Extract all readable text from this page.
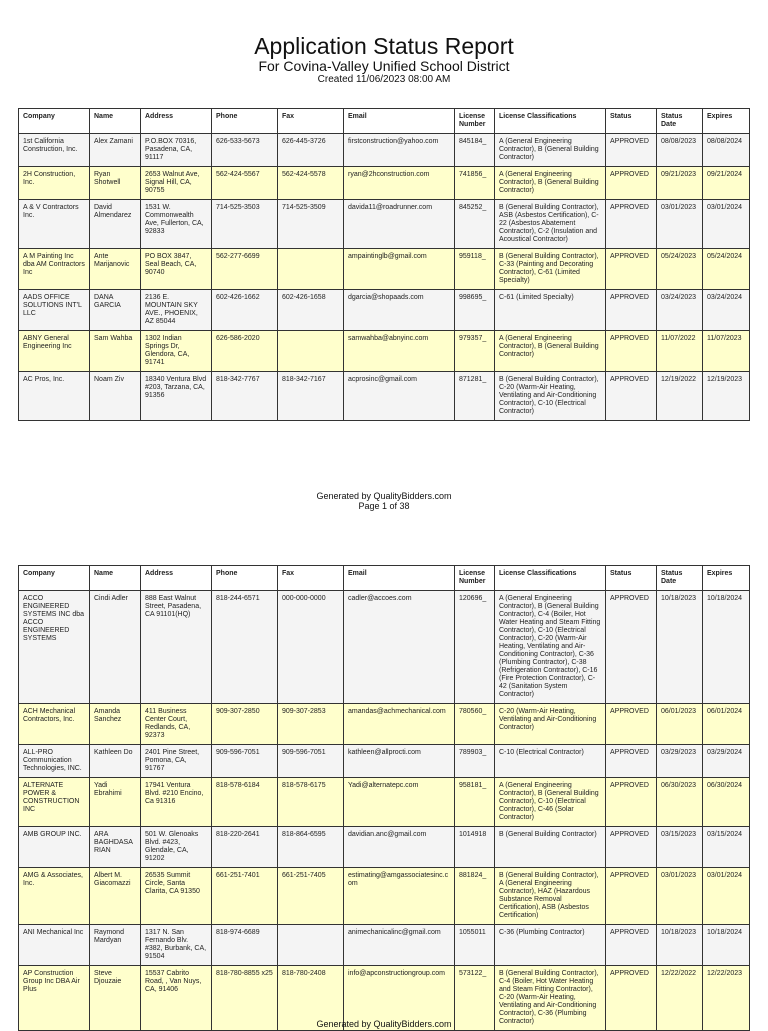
Application Status Report
For Covina-Valley Unified School District
Created 11/06/2023 08:00 AM
Company	Name	Address	Phone	Fax	Email	License Number	License Classifications	Status	Status Date	Expires
1st California Construction, Inc.	Alex Zamani	P.O.BOX 70316, Pasadena, CA, 91117	626-533-5673	626-445-3726	firstconstruction@yahoo.com	845184_	A (General Engineering Contractor), B (General Building Contractor)	APPROVED	08/08/2023	08/08/2024
2H Construction, Inc.	Ryan Shotwell	2653 Walnut Ave, Signal Hill, CA, 90755	562-424-5567	562-424-5578	ryan@2hconstruction.com	741856_	A (General Engineering Contractor), B (General Building Contractor)	APPROVED	09/21/2023	09/21/2024
A & V Contractors Inc.	David Almendarez	1531 W. Commonwealth Ave, Fullerton, CA, 92833	714-525-3503	714-525-3509	davida11@roadrunner.com	845252_	B (General Building Contractor), ASB (Asbestos Certification), C-22 (Asbestos Abatement Contractor), C-2 (Insulation and Acoustical Contractor)	APPROVED	03/01/2023	03/01/2024
A M Painting Inc dba AM Contractors Inc	Ante Marijanovic	PO BOX 3847, Seal Beach, CA, 90740	562-277-6699		ampaintinglb@gmail.com	959118_	B (General Building Contractor), C-33 (Painting and Decorating Contractor), C-61 (Limited Specialty)	APPROVED	05/24/2023	05/24/2024
AADS OFFICE SOLUTIONS INT'L LLC	DANA GARCIA	2136 E. MOUNTAIN SKY AVE., PHOENIX, AZ 85044	602-426-1662	602-426-1658	dgarcia@shopaads.com	998695_	C-61 (Limited Specialty)	APPROVED	03/24/2023	03/24/2024
ABNY General Engineering Inc	Sam Wahba	1302 Indian Springs Dr, Glendora, CA, 91741	626-586-2020		samwahba@abnyinc.com	979357_	A (General Engineering Contractor), B (General Building Contractor)	APPROVED	11/07/2022	11/07/2023
AC Pros, Inc.	Noam Ziv	18340 Ventura Blvd #203, Tarzana, CA, 91356	818-342-7767	818-342-7167	acprosinc@gmail.com	871281_	B (General Building Contractor), C-20 (Warm-Air Heating, Ventilating and Air-Conditioning Contractor), C-10 (Electrical Contractor)	APPROVED	12/19/2022	12/19/2023
Generated by QualityBidders.com
Page 1 of 38
Company	Name	Address	Phone	Fax	Email	License Number	License Classifications	Status	Status Date	Expires
ACCO ENGINEERED SYSTEMS INC dba ACCO ENGINEERED SYSTEMS	Cindi Adler	888 East Walnut Street, Pasadena, CA 91101(HQ)	818-244-6571	000-000-0000	cadler@accoes.com	120696_	A (General Engineering Contractor), B (General Building Contractor), C-4 (Boiler, Hot Water Heating and Steam Fitting Contractor), C-10 (Electrical Contractor), C-20 (Warm-Air Heating, Ventilating and Air-Conditioning Contractor), C-36 (Plumbing Contractor), C-38 (Refrigeration Contractor), C-16 (Fire Protection Contractor), C-42 (Sanitation System Contractor)	APPROVED	10/18/2023	10/18/2024
ACH Mechanical Contractors, Inc.	Amanda Sanchez	411 Business Center Court, Redlands, CA, 92373	909-307-2850	909-307-2853	amandas@achmechanical.com	780560_	C-20 (Warm-Air Heating, Ventilating and Air-Conditioning Contractor)	APPROVED	06/01/2023	06/01/2024
ALL-PRO Communication Technologies, INC.	Kathleen Do	2401 Pine Street, Pomona, CA, 91767	909-596-7051	909-596-7051	kathleen@allprocti.com	789903_	C-10 (Electrical Contractor)	APPROVED	03/29/2023	03/29/2024
ALTERNATE POWER & CONSTRUCTION INC	Yadi Ebrahimi	17941 Ventura Blvd. #210 Encino, Ca 91316	818-578-6184	818-578-6175	Yadi@alternatepc.com	958181_	A (General Engineering Contractor), B (General Building Contractor), C-10 (Electrical Contractor), C-46 (Solar Contractor)	APPROVED	06/30/2023	06/30/2024
AMB GROUP INC.	ARA BAGHDASARIAN	501 W. Glenoaks Blvd. #423, Glendale, CA, 91202	818-220-2641	818-864-6595	davidian.anc@gmail.com	1014918	B (General Building Contractor)	APPROVED	03/15/2023	03/15/2024
AMG & Associates, Inc.	Albert M. Giacomazzi	26535 Summit Circle, Santa Clarita, CA 91350	661-251-7401	661-251-7405	estimating@amgassociatesinc.com	881824_	B (General Building Contractor), A (General Engineering Contractor), HAZ (Hazardous Substance Removal Certification), ASB (Asbestos Certification)	APPROVED	03/01/2023	03/01/2024
ANI Mechanical Inc	Raymond Mardyan	1317 N. San Fernando Blv. #382, Burbank, CA, 91504	818-974-6689		animechanicalinc@gmail.com	1055011	C-36 (Plumbing Contractor)	APPROVED	10/18/2023	10/18/2024
AP Construction Group Inc DBA Air Plus	Steve Djouzaie	15537 Cabrito Road, , Van Nuys, CA, 91406	818-780-8855 x25	818-780-2408	info@apconstructiongroup.com	573122_	B (General Building Contractor), C-4 (Boiler, Hot Water Heating and Steam Fitting Contractor), C-20 (Warm-Air Heating, Ventilating and Air-Conditioning Contractor), C-36 (Plumbing Contractor)	APPROVED	12/22/2022	12/22/2023
Generated by QualityBidders.com
